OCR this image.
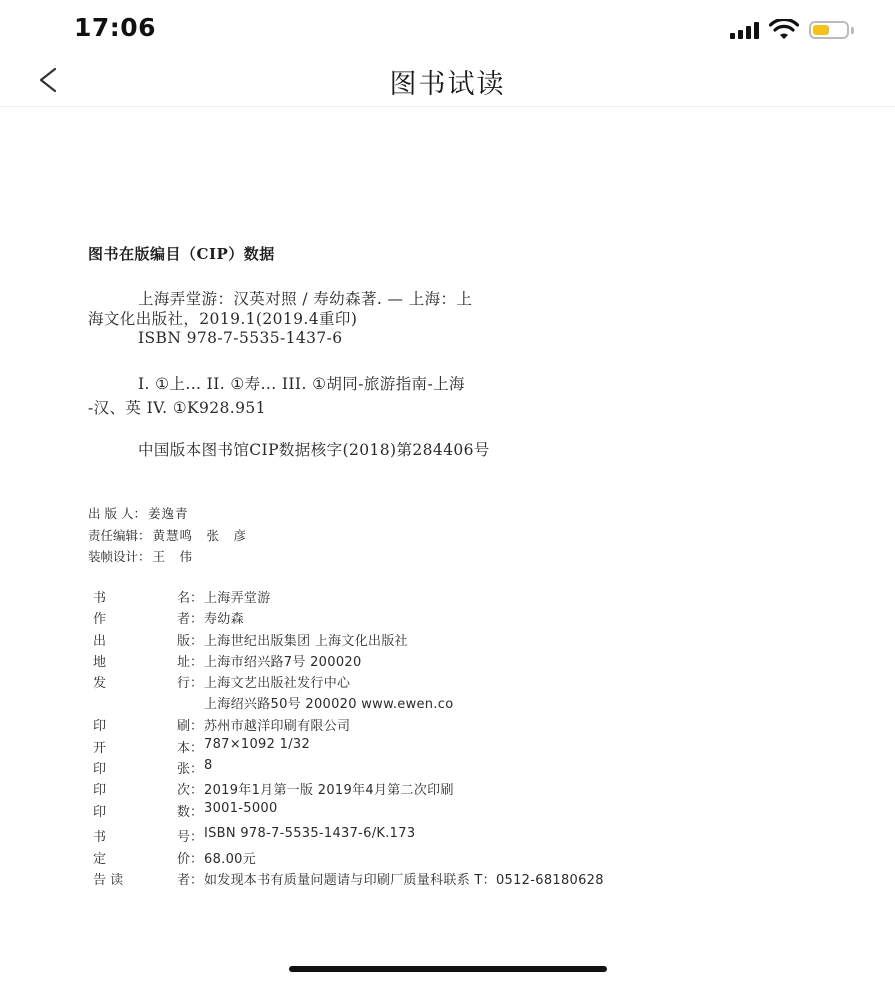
17:06
图书试读
图书在版编目（CIP）数据
上海弄堂游：汉英对照 / 寿幼森著. — 上海：上
海文化出版社，2019.1(2019.4重印)
ISBN 978-7-5535-1437-6
I. ①上... II. ①寿... III. ①胡同-旅游指南-上海
-汉、英 IV. ①K928.951
中国版本图书馆CIP数据核字(2018)第284406号
出 版 人： 姜逸青
责任编辑： 黄慧鸣　张　彦
装帧设计： 王　伟
书	名： 上海弄堂游
作	者： 寿幼森
出	版： 上海世纪出版集团 上海文化出版社
地	址： 上海市绍兴路7号 200020
发	行： 上海文艺出版社发行中心
上海绍兴路50号 200020 www.ewen.co
印	刷： 苏州市越洋印刷有限公司
开	本： 787×1092 1/32
印	张： 8
印	次： 2019年1月第一版 2019年4月第二次印刷
印	数： 3001-5000
书	号： ISBN 978-7-5535-1437-6/K.173
定	价： 68.00元
告 读	者： 如发现本书有质量问题请与印刷厂质量科联系 T：0512-68180628
